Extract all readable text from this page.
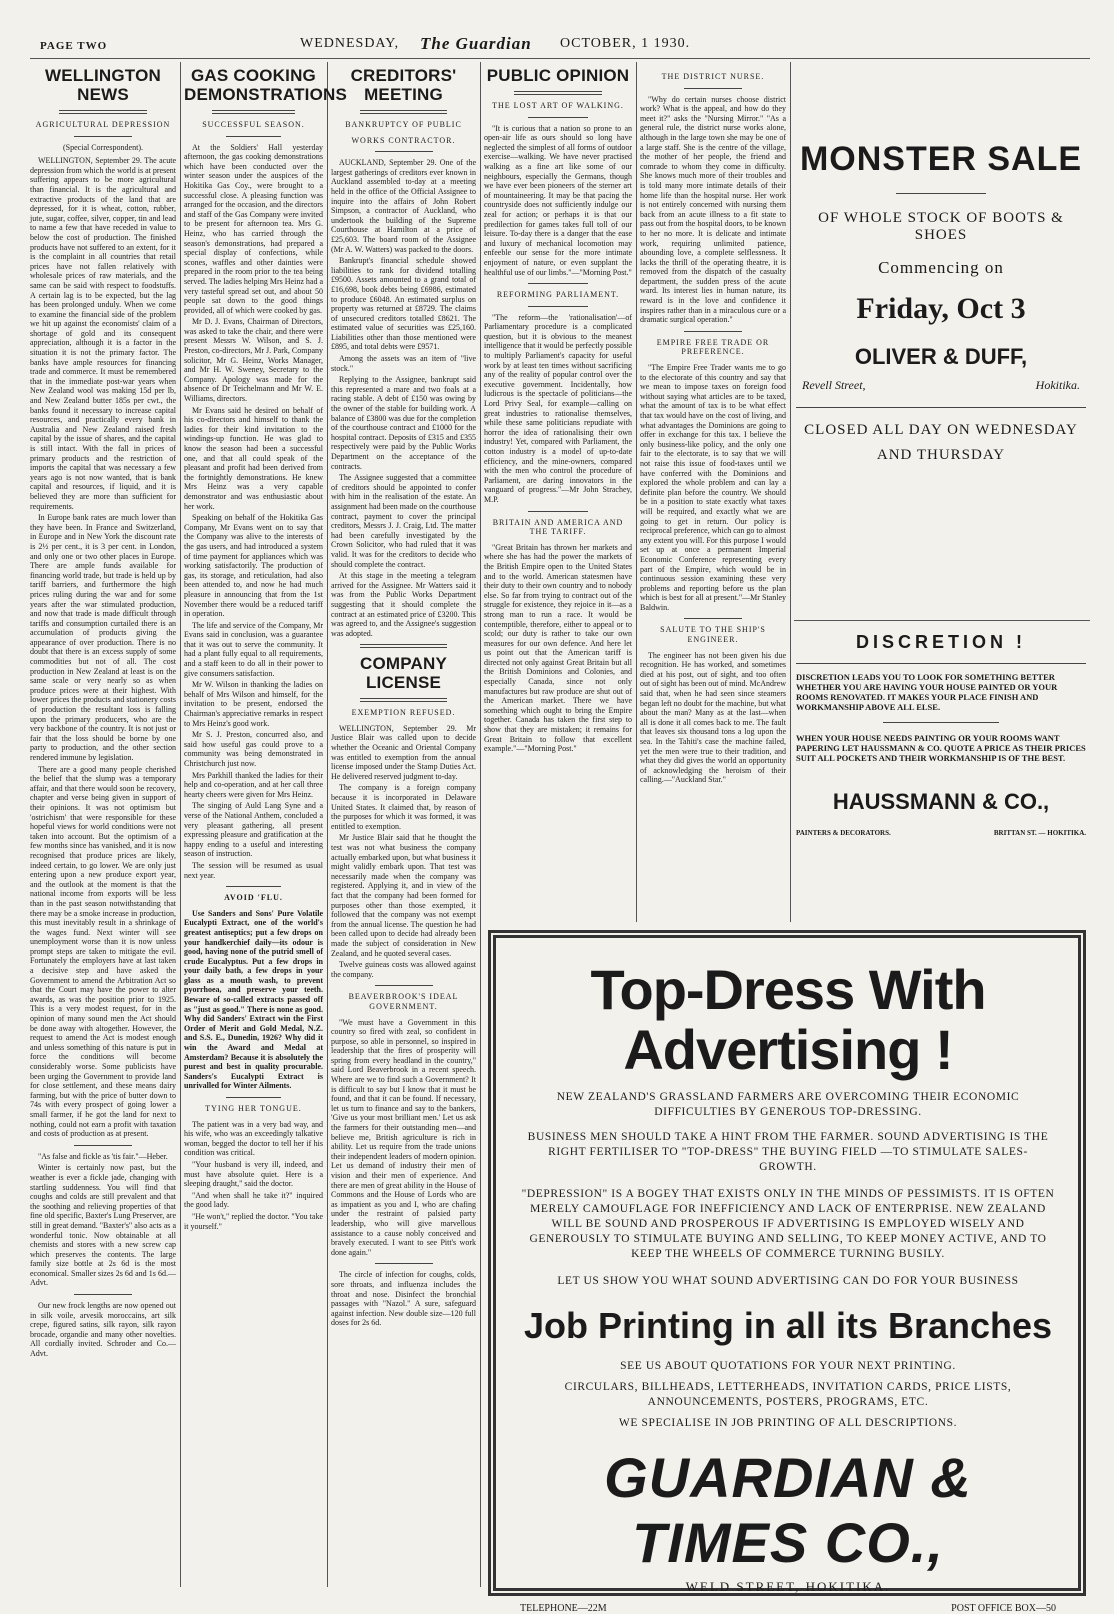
PAGE TWO	WEDNESDAY, The Guardian OCTOBER, 1 1930.
WELLINGTON NEWS
AGRICULTURAL DEPRESSION
(Special Correspondent).

WELLINGTON, September 29. The acute depression from which the world is at present suffering appears to be more agricultural than financial. It is the agricultural and extractive products of the land that are depressed, for it is wheat, cotton, rubber, jute, sugar, coffee, silver, copper, tin and lead to name a few that have receded in value to below the cost of production. The finished products have not suffered to an extent, for it is the complaint in all countries that retail prices have not fallen relatively with wholesale prices of raw materials, and the same can be said with respect to foodstuffs. A certain lag is to be expected, but the lag has been prolonged unduly. When we come to examine the financial side of the problem we hit up against the economists' claim of a shortage of gold and its consequent appreciation, although it is a factor in the situation it is not the primary factor. The banks have ample resources for financing trade and commerce. It must be remembered that in the immediate post-war years when New Zealand wool was making 15d per lb, and New Zealand butter 185s per cwt., the banks found it necessary to increase capital resources, and practically every bank in Australia and New Zealand raised fresh capital by the issue of shares, and the capital is still intact. With the fall in prices of primary products and the restriction of imports the capital that was necessary a few years ago is not now wanted, that is bank capital and resources, if liquid, and it is believed they are more than sufficient for requirements.

In Europe bank rates are much lower than they have been. In France and Switzerland, in Europe and in New York the discount rate is 2½ per cent., it is 3 per cent. in London, and only one or two other places in Europe. There are ample funds available for financing world trade, but trade is held up by tariff barriers, and furthermore the high prices ruling during the war and for some years after the war stimulated production, and now that trade is made difficult through tariffs and consumption curtailed there is an accumulation of products giving the appearance of over production. There is no doubt that there is an excess supply of some commodities but not of all. The cost production in New Zealand at least is on the same scale or very nearly so as when produce prices were at their highest. With lower prices the products and stationery costs of production the resultant loss is falling upon the primary producers, who are the very backbone of the country. It is not just or fair that the loss should be borne by one party to production, and the other section rendered immune by legislation.

There are a good many people cherished the belief that the slump was a temporary affair, and that there would soon be recovery, chapter and verse being given in support of their opinions. It was not optimism but 'ostrichism' that were responsible for these hopeful views for world conditions were not taken into account. But the optimism of a few months since has vanished, and it is now recognised that produce prices are likely, indeed certain, to go lower. We are only just entering upon a new produce export year, and the outlook at the moment is that the national income from exports will be less than in the past season notwithstanding that there may be a smoke increase in production, this must inevitably result in a shrinkage of the wages fund. Next winter will see unemployment worse than it is now unless prompt steps are taken to mitigate the evil. Fortunately the employers have at last taken a decisive step and have asked the Government to amend the Arbitration Act so that the Court may have the power to alter awards, as was the position prior to 1925. This is a very modest request, for in the opinion of many sound men the Act should be done away with altogether. However, the request to amend the Act is modest enough and unless something of this nature is put in force the conditions will become considerably worse. Some publicists have been urging the Government to provide land for close settlement, and these means dairy farming, but with the price of butter down to 74s with every prospect of going lower a small farmer, if he got the land for next to nothing, could not earn a profit with taxation and costs of production as at present.

"As false and fickle as 'tis fair."—Heber.

Winter is certainly now past, but the weather is ever a fickle jade, changing with startling suddenness. You will find that coughs and colds are still prevalent and that the soothing and relieving properties of that fine old specific, Baxter's Lung Preserver, are still in great demand. "Baxter's" also acts as a wonderful tonic. Now obtainable at all chemists and stores with a new screw cap which preserves the contents. The large family size bottle at 2s 6d is the most economical. Smaller sizes 2s 6d and 1s 6d.—Advt.

Our new frock lengths are now opened out in silk voile, arvesik moroccains, art silk crepe, figured satins, silk rayon, silk rayon brocade, organdie and many other novelties. All cordially invited. Schroder and Co.—Advt.

GAS COOKING DEMONSTRATIONS
SUCCESSFUL SEASON.

At the Soldiers' Hall yesterday afternoon, the gas cooking demonstrations which have been conducted over the winter season under the auspices of the Hokitika Gas Coy., were brought to a successful close. A pleasing function was arranged for the occasion, and the directors and staff of the Gas Company were invited to be present for afternoon tea. Mrs G. Heinz, who has carried through the season's demonstrations, had prepared a special display of confections, while scones, waffles and other dainties were prepared in the room prior to the tea being served. The ladies helping Mrs Heinz had a very tasteful spread set out, and about 50 people sat down to the good things provided, all of which were cooked by gas.

Mr D. J. Evans, Chairman of Directors, was asked to take the chair, and there were present Messrs W. Wilson, and S. J. Preston, co-directors, Mr J. Park, Company solicitor, Mr G. Heinz, Works Manager, and Mr H. W. Sweney, Secretary to the Company. Apology was made for the absence of Dr Teichelmann and Mr W. E. Williams, directors.

Mr Evans said he desired on behalf of his co-directors and himself to thank the ladies for their kind invitation to the windings-up function. He was glad to know the season had been a successful one, and that all could speak of the pleasant and profit had been derived from the fortnightly demonstrations. He knew Mrs Heinz was a very capable demonstrator and was enthusiastic about her work.

Speaking on behalf of the Hokitika Gas Company, Mr Evans went on to say that the Company was alive to the interests of the gas users, and had introduced a system of time payment for appliances which was working satisfactorily. The production of gas, its storage, and reticulation, had also been attended to, and now he had much pleasure in announcing that from the 1st November there would be a reduced tariff in operation.

The life and service of the Company, Mr Evans said in conclusion, was a guarantee that it was out to serve the community. It had a plant fully equal to all requirements, and a staff keen to do all in their power to give consumers satisfaction.

Mr W. Wilson in thanking the ladies on behalf of Mrs Wilson and himself, for the invitation to be present, endorsed the Chairman's appreciative remarks in respect to Mrs Heinz's good work.

Mr S. J. Preston, concurred also, and said how useful gas could prove to a community was being demonstrated in Christchurch just now.

Mrs Parkhill thanked the ladies for their help and co-operation, and at her call three hearty cheers were given for Mrs Heinz.

The singing of Auld Lang Syne and a verse of the National Anthem, concluded a very pleasant gathering, all present expressing pleasure and gratification at the happy ending to a useful and interesting season of instruction.

The session will be resumed as usual next year.

AVOID 'FLU.

Use Sanders and Sons' Pure Volatile Eucalypti Extract, one of the world's greatest antiseptics; put a few drops on your handkerchief daily—its odour is good, having none of the putrid smell of crude Eucalyptus. Put a few drops in your daily bath, a few drops in your glass as a mouth wash, to prevent pyorrhoea, and preserve your teeth. Beware of so-called extracts passed off as "just as good." There is none as good. Why did Sanders' Extract win the First Order of Merit and Gold Medal, N.Z. and S.S. E., Dunedin, 1926? Why did it win the Award and Medal at Amsterdam? Because it is absolutely the purest and best in quality procurable. Sanders's Eucalypti Extract is unrivalled for Winter Ailments.

TYING HER TONGUE.

The patient was in a very bad way, and his wife, who was an exceedingly talkative woman, begged the doctor to tell her if his condition was critical.

"Your husband is very ill, indeed, and must have absolute quiet. Here is a sleeping draught," said the doctor.

"And when shall he take it?" inquired the good lady.

"He won't," replied the doctor. "You take it yourself."

CREDITORS' MEETING
BANKRUPTCY OF PUBLIC
WORKS CONTRACTOR.

AUCKLAND, September 29. One of the largest gatherings of creditors ever known in Auckland assembled to-day at a meeting held in the office of the Official Assignee to inquire into the affairs of John Robert Simpson, a contractor of Auckland, who undertook the building of the Supreme Courthouse at Hamilton at a price of £25,603. The board room of the Assignee (Mr A. W. Watters) was packed to the doors.

Bankrupt's financial schedule showed liabilities to rank for dividend totalling £9500. Assets amounted to a grand total of £16,698, book debts being £6986, estimated to produce £6048. An estimated surplus on property was returned at £8729. The claims of unsecured creditors totalled £8621. The estimated value of securities was £25,160. Liabilities other than those mentioned were £895, and total debts were £9571.

Among the assets was an item of "live stock."

Replying to the Assignee, bankrupt said this represented a mare and two foals at a racing stable. A debt of £150 was owing by the owner of the stable for building work. A balance of £3800 was due for the completion of the courthouse contract and £1000 for the hospital contract. Deposits of £315 and £355 respectively were paid by the Public Works Department on the acceptance of the contracts.

The Assignee suggested that a committee of creditors should be appointed to confer with him in the realisation of the estate. An assignment had been made on the courthouse contract, payment to cover the principal creditors, Messrs J. J. Craig, Ltd. The matter had been carefully investigated by the Crown Solicitor, who had ruled that it was valid. It was for the creditors to decide who should complete the contract.

At this stage in the meeting a telegram arrived for the Assignee. Mr Watters said it was from the Public Works Department suggesting that it should complete the contract at an estimated price of £3200. This was agreed to, and the Assignee's suggestion was adopted.

COMPANY LICENSE
EXEMPTION REFUSED.

WELLINGTON, September 29. Mr Justice Blair was called upon to decide whether the Oceanic and Oriental Company was entitled to exemption from the annual license imposed under the Stamp Duties Act. He delivered reserved judgment to-day.

The company is a foreign company because it is incorporated in Delaware United States. It claimed that, by reason of the purposes for which it was formed, it was entitled to exemption.

Mr Justice Blair said that he thought the test was not what business the company actually embarked upon, but what business it might validly embark upon. That test was necessarily made when the company was registered. Applying it, and in view of the fact that the company had been formed for purposes other than those exempted, it followed that the company was not exempt from the annual license. The question he had been called upon to decide had already been made the subject of consideration in New Zealand, and he quoted several cases.

Twelve guineas costs was allowed against the company.

BEAVERBROOK'S IDEAL GOVERNMENT.

"We must have a Government in this country so fired with zeal, so confident in purpose, so able in personnel, so inspired in leadership that the fires of prosperity will spring from every headland in the country," said Lord Beaverbrook in a recent speech. Where are we to find such a Government? It is difficult to say but I know that it must be found, and that it can be found. If necessary, let us turn to finance and say to the bankers, 'Give us your most brilliant men.' Let us ask the farmers for their outstanding men—and believe me, British agriculture is rich in ability. Let us require from the trade unions their independent leaders of modern opinion. Let us demand of industry their men of vision and their men of experience. And there are men of great ability in the House of Commons and the House of Lords who are as impatient as you and I, who are chafing under the restraint of palsied party leadership, who will give marvellous assistance to a cause nobly conceived and bravely executed. I want to see Pitt's work done again."

The circle of infection for coughs, colds, sore throats, and influenza includes the throat and nose. Disinfect the bronchial passages with "Nazol." A sure, safeguard against infection. New double size—120 full doses for 2s 6d.

PUBLIC OPINION
THE LOST ART OF WALKING.

"It is curious that a nation so prone to an open-air life as ours should so long have neglected the simplest of all forms of outdoor exercise—walking. We have never practised walking as a fine art like some of our neighbours, especially the Germans, though we have ever been pioneers of the sterner art of mountaineering. It may be that pacing the countryside does not sufficiently indulge our zeal for action; or perhaps it is that our predilection for games takes full toll of our leisure. To-day there is a danger that the ease and luxury of mechanical locomotion may enfeeble our sense for the more intimate enjoyment of nature, or even supplant the healthful use of our limbs."—"Morning Post."

REFORMING PARLIAMENT.

"The reform—the 'rationalisation'—of Parliamentary procedure is a complicated question, but it is obvious to the meanest intelligence that it would be perfectly possible to multiply Parliament's capacity for useful work by at least ten times without sacrificing any of the reality of popular control over the executive government. Incidentally, how ludicrous is the spectacle of politicians—the Lord Privy Seal, for example—calling on great industries to rationalise themselves, while these same politicians repudiate with horror the idea of rationalising their own industry! Yet, compared with Parliament, the cotton industry is a model of up-to-date efficiency, and the mine-owners, compared with the men who control the procedure of Parliament, are daring innovators in the vanguard of progress."—Mr John Strachey, M.P.

BRITAIN AND AMERICA AND THE TARIFF.

"Great Britain has thrown her markets and where she has had the power the markets of the British Empire open to the United States and to the world. American statesmen have their duty to their own country and to nobody else. So far from trying to contract out of the struggle for existence, they rejoice in it—as a strong man to run a race. It would be contemptible, therefore, either to appeal or to scold; our duty is rather to take our own measures for our own defence. And here let us point out that the American tariff is directed not only against Great Britain but all the British Dominions and Colonies, and especially Canada, since not only manufactures but raw produce are shut out of the American market. There we have something which ought to bring the Empire together. Canada has taken the first step to show that they are mistaken; it remains for Great Britain to follow that excellent example."—"Morning Post."

THE DISTRICT NURSE.

"Why do certain nurses choose district work? What is the appeal, and how do they meet it?" asks the "Nursing Mirror." "As a general rule, the district nurse works alone, although in the large town she may be one of a large staff. She is the centre of the village, the mother of her people, the friend and comrade to whom they come in difficulty. She knows much more of their troubles and is told many more intimate details of their home life than the hospital nurse. Her work is not entirely concerned with nursing them back from an acute illness to a fit state to pass out from the hospital doors, to be known to her no more. It is delicate and intimate work, requiring unlimited patience, abounding love, a complete selflessness. It lacks the thrill of the operating theatre, it is removed from the dispatch of the casualty department, the sudden press of the acute ward. Its interest lies in human nature, its reward is in the love and confidence it inspires rather than in a miraculous cure or a dramatic surgical operation."

EMPIRE FREE TRADE OR PREFERENCE.

"The Empire Free Trader wants me to go to the electorate of this country and say that we mean to impose taxes on foreign food without saying what articles are to be taxed, what the amount of tax is to be what effect that tax would have on the cost of living, and what advantages the Dominions are going to offer in exchange for this tax. I believe the only business-like policy, and the only one fair to the electorate, is to say that we will not raise this issue of food-taxes until we have conferred with the Dominions and explored the whole problem and can lay a definite plan before the country. We should be in a position to state exactly what taxes will be required, and exactly what we are going to get in return. Our policy is reciprocal preference, which can go to almost any extent you will. For this purpose I would set up at once a permanent Imperial Economic Conference representing every part of the Empire, which would be in continuous session examining these very problems and reporting before us the plan which is best for all at present."—Mr Stanley Baldwin.

SALUTE TO THE SHIP'S ENGINEER.

The engineer has not been given his due recognition. He has worked, and sometimes died at his post, out of sight, and too often out of sight has been out of mind. McAndrew said that, when he had seen since steamers began left no doubt for the machine, but what about the man? Many as at the last—when all is done it all comes back to me. The fault that leaves six thousand tons a log upon the sea. In the Tahiti's case the machine failed, yet the men were true to their tradition, and what they did gives the world an opportunity of acknowledging the heroism of their calling.—"Auckland Star."

MONSTER SALE
OF WHOLE STOCK OF BOOTS & SHOES
Commencing on
Friday, Oct 3
OLIVER & DUFF,
Revell Street,	Hokitika.
CLOSED ALL DAY ON WEDNESDAY
AND THURSDAY
DISCRETION !
DISCRETION LEADS YOU TO LOOK FOR SOMETHING BETTER WHETHER YOU ARE HAVING YOUR HOUSE PAINTED OR YOUR ROOMS RENOVATED. IT MAKES YOUR PLACE FINISH AND WORKMANSHIP ABOVE ALL ELSE.
WHEN YOUR HOUSE NEEDS PAINTING OR YOUR ROOMS WANT PAPERING LET HAUSSMANN & CO. QUOTE A PRICE AS THEIR PRICES SUIT ALL POCKETS AND THEIR WORKMANSHIP IS OF THE BEST.
HAUSSMANN & CO.,
PAINTERS & DECORATORS.	BRITTAN ST. — HOKITIKA.
Top-Dress With Advertising !
NEW ZEALAND'S GRASSLAND FARMERS ARE OVERCOMING THEIR ECONOMIC DIFFICULTIES BY GENEROUS TOP-DRESSING.
BUSINESS MEN SHOULD TAKE A HINT FROM THE FARMER. SOUND ADVERTISING IS THE RIGHT FERTILISER TO "TOP-DRESS" THE BUYING FIELD —TO STIMULATE SALES-GROWTH.
"DEPRESSION" IS A BOGEY THAT EXISTS ONLY IN THE MINDS OF PESSIMISTS. IT IS OFTEN MERELY CAMOUFLAGE FOR INEFFICIENCY AND LACK OF ENTERPRISE. NEW ZEALAND WILL BE SOUND AND PROSPEROUS IF ADVERTISING IS EMPLOYED WISELY AND GENEROUSLY TO STIMULATE BUYING AND SELLING, TO KEEP MONEY ACTIVE, AND TO KEEP THE WHEELS OF COMMERCE TURNING BUSILY.
LET US SHOW YOU WHAT SOUND ADVERTISING CAN DO FOR YOUR BUSINESS
Job Printing in all its Branches
SEE US ABOUT QUOTATIONS FOR YOUR NEXT PRINTING.
CIRCULARS, BILLHEADS, LETTERHEADS, INVITATION CARDS, PRICE LISTS, ANNOUNCEMENTS, POSTERS, PROGRAMS, ETC.
WE SPECIALISE IN JOB PRINTING OF ALL DESCRIPTIONS.
GUARDIAN & TIMES CO.,
WELD STREET, HOKITIKA.
TELEPHONE—22M	POST OFFICE BOX—50
